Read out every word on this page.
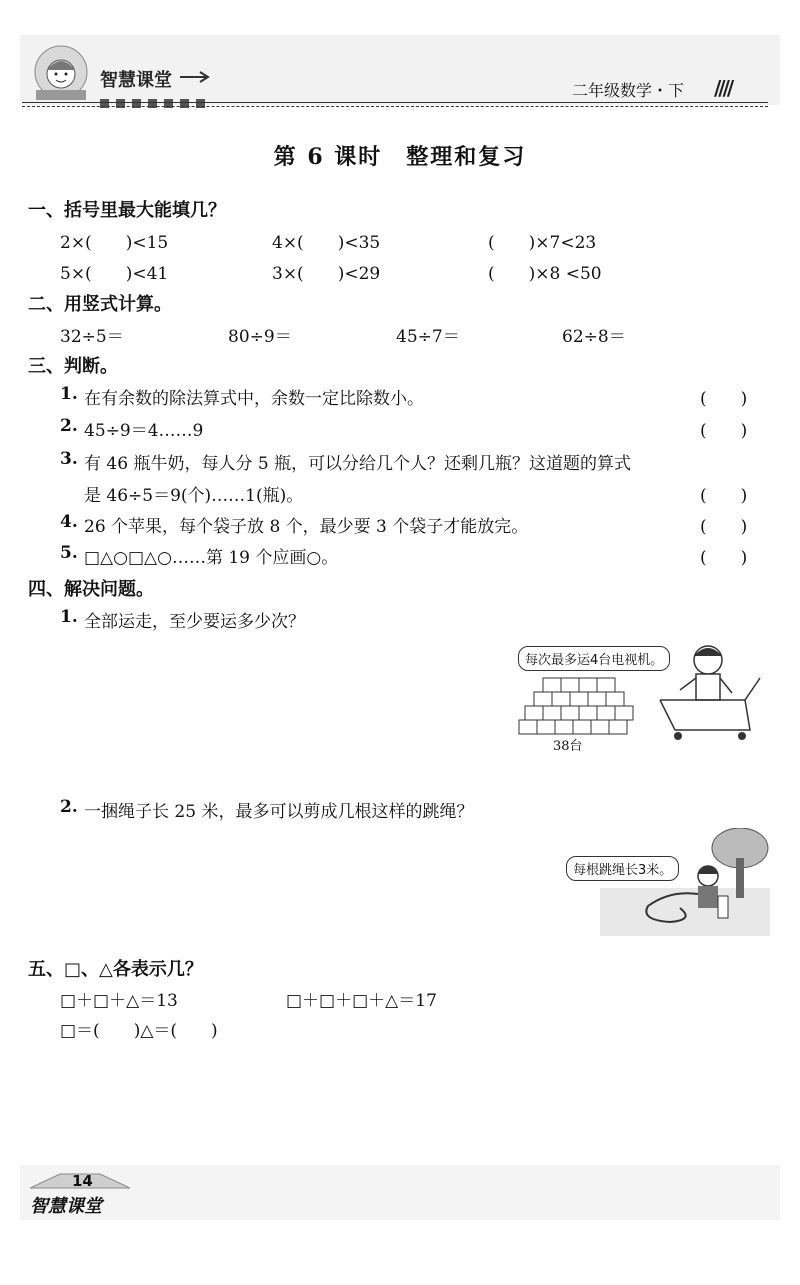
智慧课堂	二年级数学・下 ////
第 6 课时　整理和复习
一、括号里最大能填几？
2×(　　)<15	4×(　　)<35	(　　)×7<23
5×(　　)<41	3×(　　)<29	(　　)×8 <50
二、用竖式计算。
32÷5＝	80÷9＝	45÷7＝	62÷8＝
三、判断。
1. 在有余数的除法算式中，余数一定比除数小。	(　　)
2. 45÷9＝4……9	(　　)
3. 有 46 瓶牛奶，每人分 5 瓶，可以分给几个人？还剩几瓶？这道题的算式
是 46÷5＝9(个)……1(瓶)。	(　　)
4. 26 个苹果，每个袋子放 8 个，最少要 3 个袋子才能放完。	(　　)
5. □△○□△○……第 19 个应画○。	(　　)
四、解决问题。
1. 全部运走，至少要运多少次？
38台
每次最多运4台电视机。
2. 一捆绳子长 25 米，最多可以剪成几根这样的跳绳？
每根跳绳长3米。
五、□、△各表示几？
□＋□＋△＝13	□＋□＋□＋△＝17
□＝(　　)△＝(　　)
14
智慧课堂
